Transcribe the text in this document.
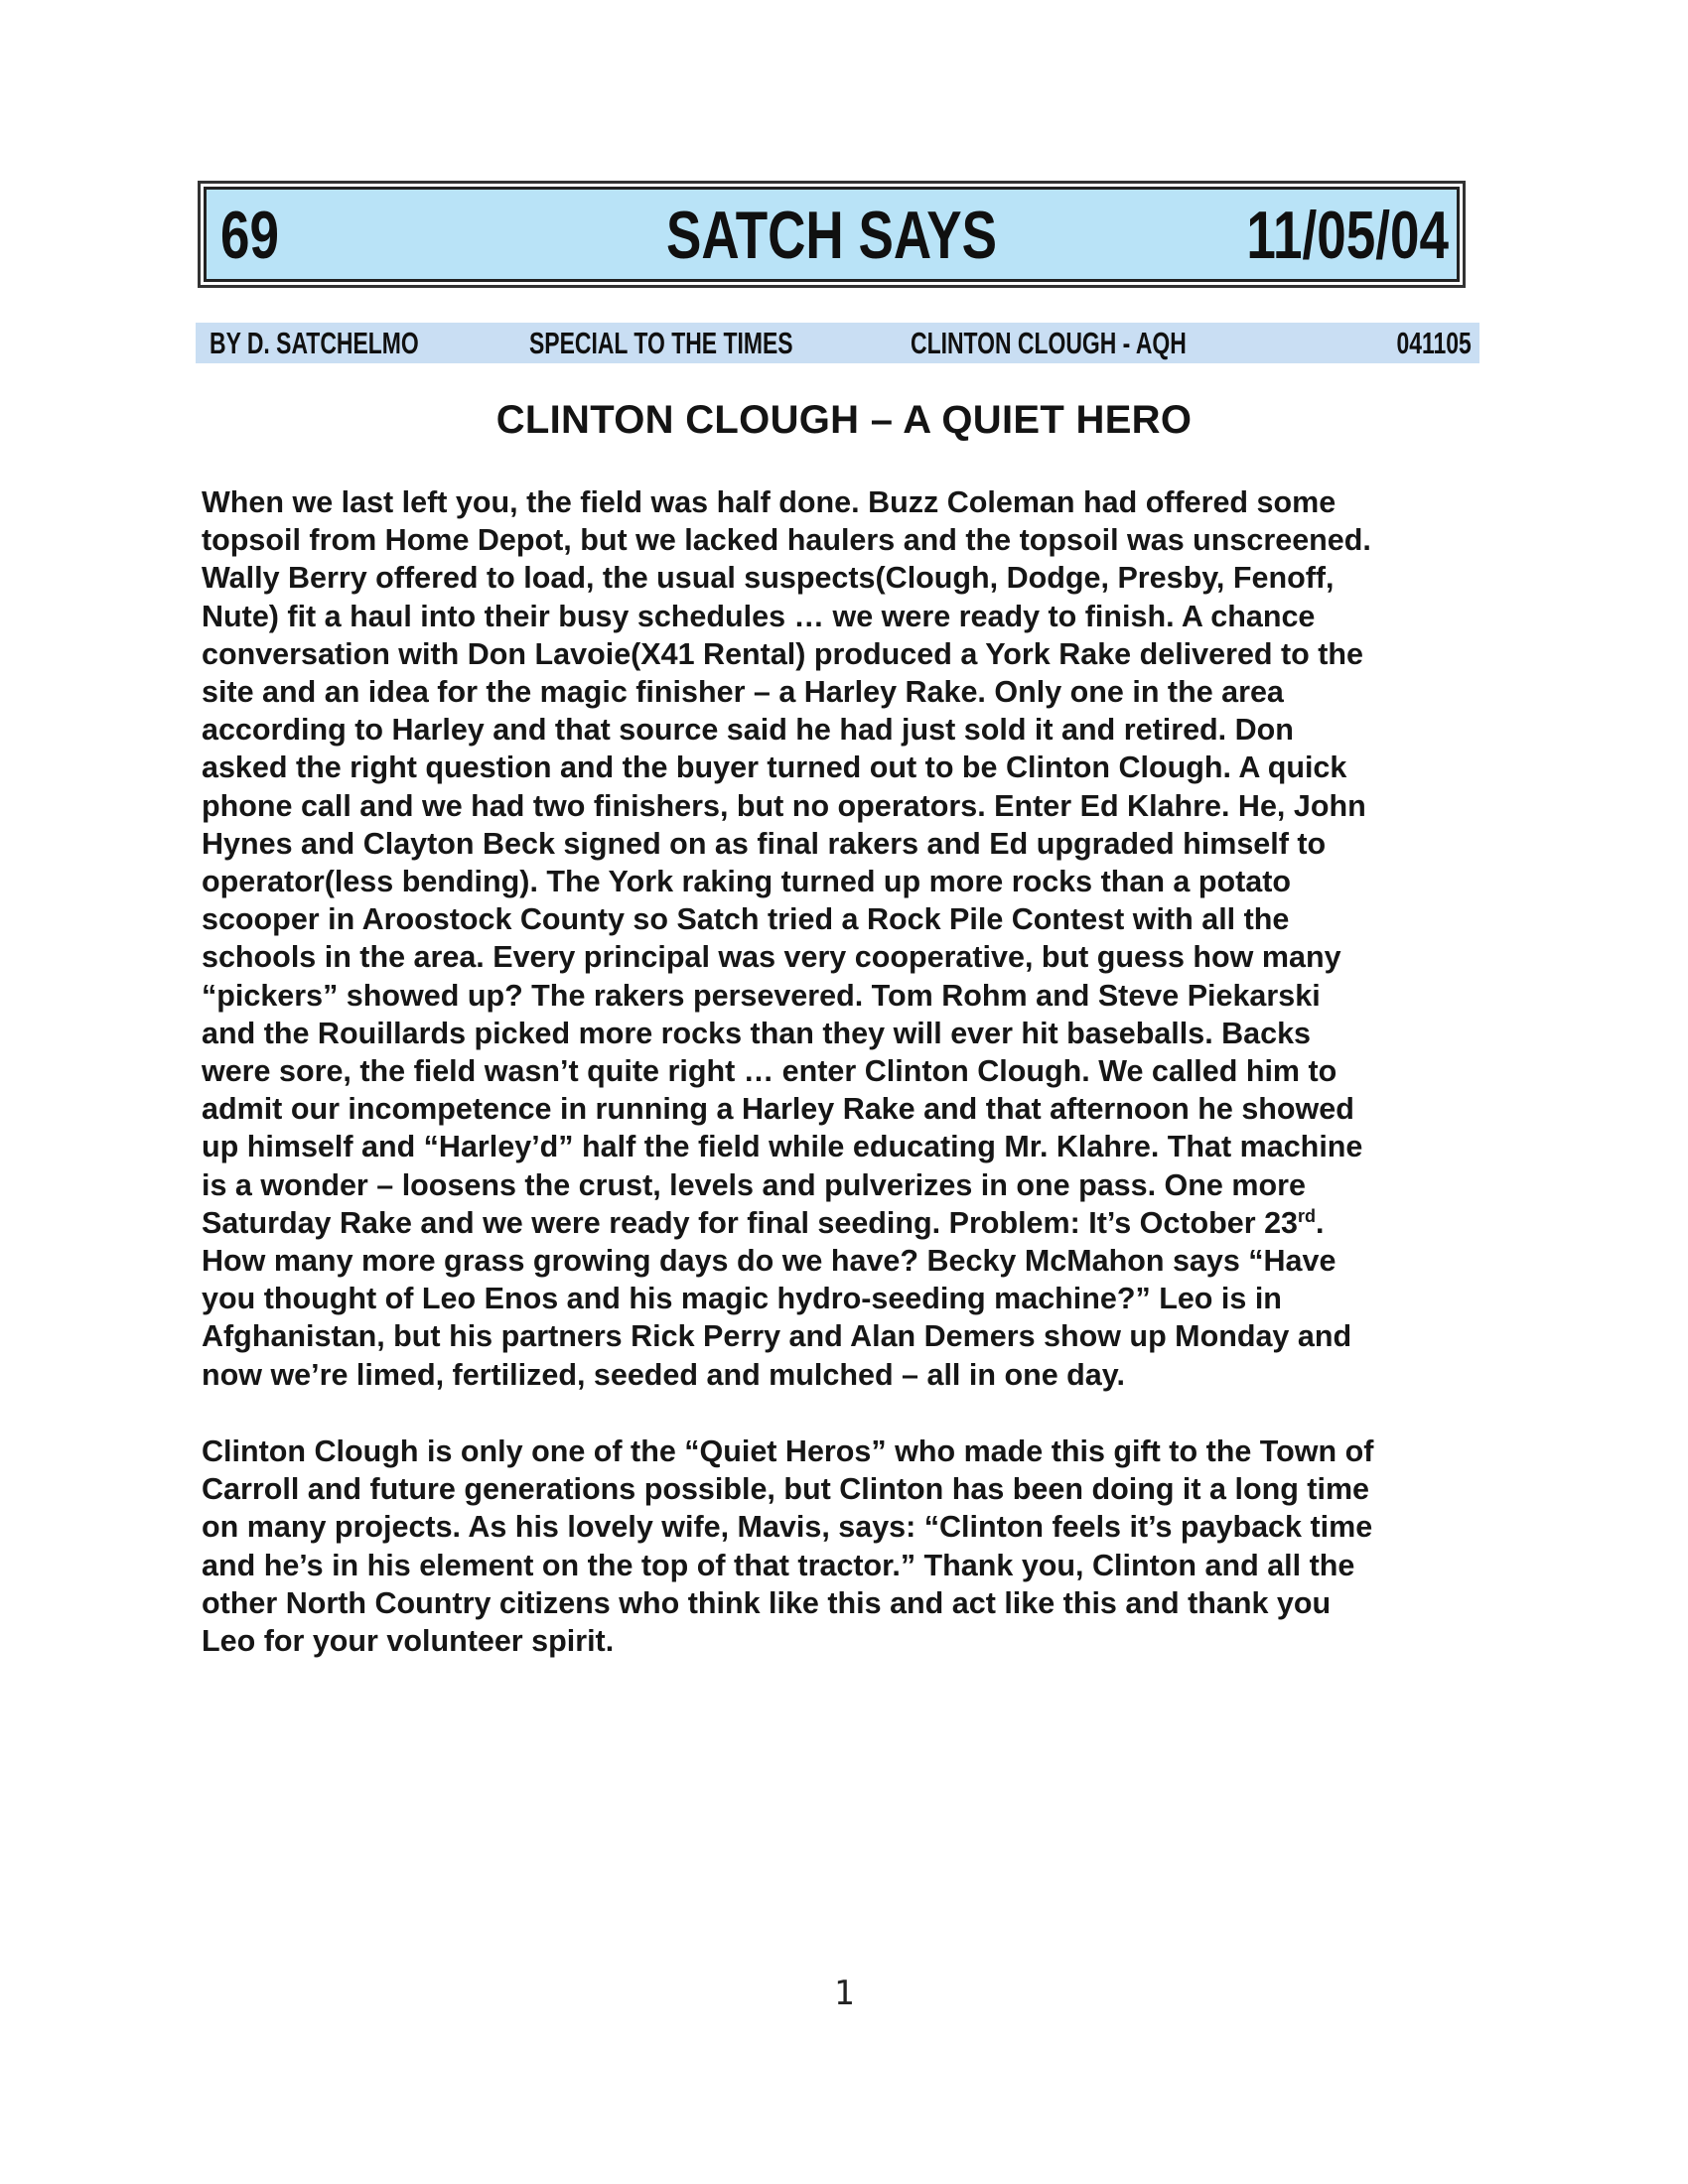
69	SATCH SAYS	11/05/04
BY D. SATCHELMO	SPECIAL TO THE TIMES	CLINTON CLOUGH - AQH	041105
CLINTON CLOUGH – A QUIET HERO
When we last left you, the field was half done. Buzz Coleman had offered some
topsoil from Home Depot, but we lacked haulers and the topsoil was unscreened.
Wally Berry offered to load, the usual suspects(Clough, Dodge, Presby, Fenoff,
Nute) fit a haul into their busy schedules … we were ready to finish. A chance
conversation with Don Lavoie(X41 Rental) produced a York Rake delivered to the
site and an idea for the magic finisher – a Harley Rake. Only one in the area
according to Harley and that source said he had just sold it and retired. Don
asked the right question and the buyer turned out to be Clinton Clough. A quick
phone call and we had two finishers, but no operators. Enter Ed Klahre. He, John
Hynes and Clayton Beck signed on as final rakers and Ed upgraded himself to
operator(less bending). The York raking turned up more rocks than a potato
scooper in Aroostock County so Satch tried a Rock Pile Contest with all the
schools in the area. Every principal was very cooperative, but guess how many
“pickers” showed up? The rakers persevered. Tom Rohm and Steve Piekarski
and the Rouillards picked more rocks than they will ever hit baseballs. Backs
were sore, the field wasn’t quite right … enter Clinton Clough. We called him to
admit our incompetence in running a Harley Rake and that afternoon he showed
up himself and “Harley’d” half the field while educating Mr. Klahre. That machine
is a wonder – loosens the crust, levels and pulverizes in one pass. One more
Saturday Rake and we were ready for final seeding. Problem: It’s October 23rd.
How many more grass growing days do we have? Becky McMahon says “Have
you thought of Leo Enos and his magic hydro-seeding machine?” Leo is in
Afghanistan, but his partners Rick Perry and Alan Demers show up Monday and
now we’re limed, fertilized, seeded and mulched – all in one day.
Clinton Clough is only one of the “Quiet Heros” who made this gift to the Town of
Carroll and future generations possible, but Clinton has been doing it a long time
on many projects. As his lovely wife, Mavis, says: “Clinton feels it’s payback time
and he’s in his element on the top of that tractor.” Thank you, Clinton and all the
other North Country citizens who think like this and act like this and thank you
Leo for your volunteer spirit.
1
